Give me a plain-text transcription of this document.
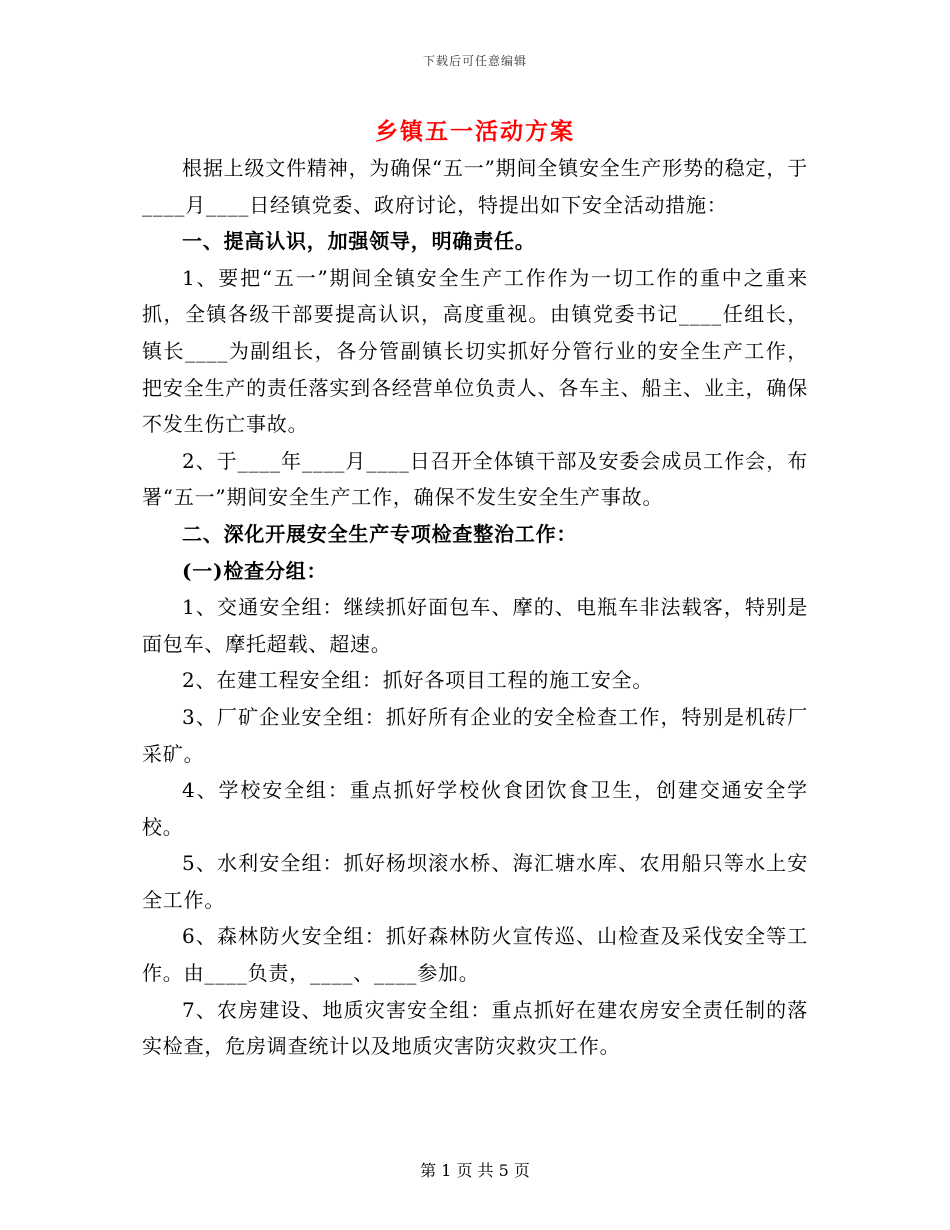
下载后可任意编辑
乡镇五一活动方案

根据上级文件精神，为确保“五一”期间全镇安全生产形势的稳定，于____月____日经镇党委、政府讨论，特提出如下安全活动措施：

一、提高认识，加强领导，明确责任。

1、要把“五一”期间全镇安全生产工作作为一切工作的重中之重来抓，全镇各级干部要提高认识，高度重视。由镇党委书记____任组长，镇长____为副组长，各分管副镇长切实抓好分管行业的安全生产工作，把安全生产的责任落实到各经营单位负责人、各车主、船主、业主，确保不发生伤亡事故。

2、于____年____月____日召开全体镇干部及安委会成员工作会，布署“五一”期间安全生产工作，确保不发生安全生产事故。

二、深化开展安全生产专项检查整治工作：

(一)检查分组：

1、交通安全组：继续抓好面包车、摩的、电瓶车非法载客，特别是面包车、摩托超载、超速。

2、在建工程安全组：抓好各项目工程的施工安全。

3、厂矿企业安全组：抓好所有企业的安全检查工作，特别是机砖厂采矿。

4、学校安全组：重点抓好学校伙食团饮食卫生，创建交通安全学校。

5、水利安全组：抓好杨坝滚水桥、海汇塘水库、农用船只等水上安全工作。

6、森林防火安全组：抓好森林防火宣传巡、山检查及采伐安全等工作。由____负责，____、____参加。

7、农房建设、地质灾害安全组：重点抓好在建农房安全责任制的落实检查，危房调查统计以及地质灾害防灾救灾工作。

第 1 页 共 5 页
